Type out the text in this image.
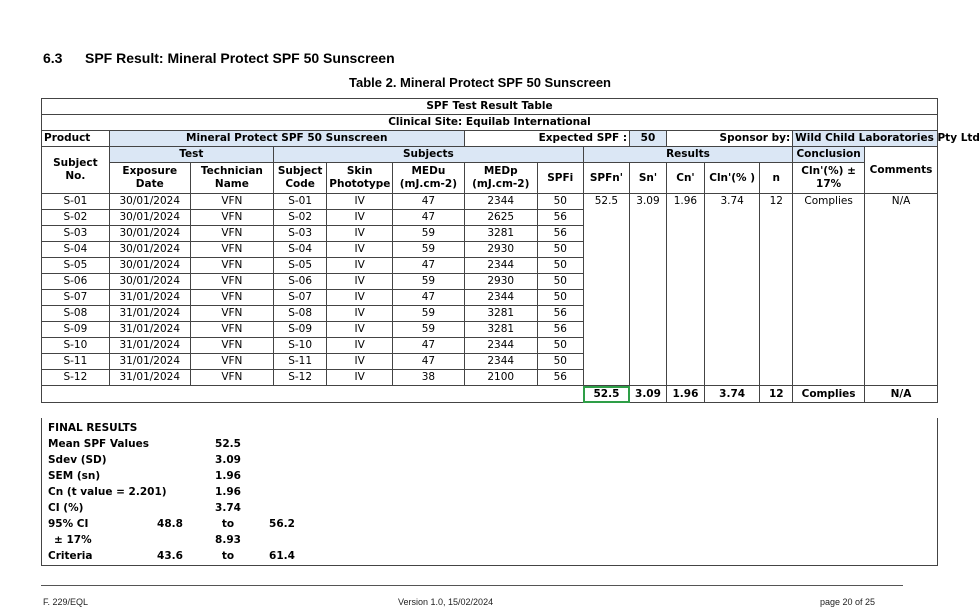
6.3 SPF Result: Mineral Protect SPF 50 Sunscreen
Table 2. Mineral Protect SPF 50 Sunscreen
SPF Test Result Table														
Clinical Site: Equilab International														
Product	Mineral Protect SPF 50 Sunscreen					Expected SPF :			50	Sponsor by:			Wild Child Laboratories Pty Ltd	
Subject No.	Test		Subjects					Results					Conclusion	Comments
	Exposure Date	Technician Name	Subject Code	Skin Phototype	MEDu (mJ.cm-2)	MEDp (mJ.cm-2)	SPFi	SPFn'	Sn'	Cn'	Cln'(% )	n	Cln'(%) ± 17%	
S-01	30/01/2024	VFN	S-01	IV	47	2344	50	52.5	3.09	1.96	3.74	12	Complies	N/A
S-02	30/01/2024	VFN	S-02	IV	47	2625	56							
S-03	30/01/2024	VFN	S-03	IV	59	3281	56							
S-04	30/01/2024	VFN	S-04	IV	59	2930	50							
S-05	30/01/2024	VFN	S-05	IV	47	2344	50							
S-06	30/01/2024	VFN	S-06	IV	59	2930	50							
S-07	31/01/2024	VFN	S-07	IV	47	2344	50							
S-08	31/01/2024	VFN	S-08	IV	59	3281	56							
S-09	31/01/2024	VFN	S-09	IV	59	3281	56							
S-10	31/01/2024	VFN	S-10	IV	47	2344	50							
S-11	31/01/2024	VFN	S-11	IV	47	2344	50							
S-12	31/01/2024	VFN	S-12	IV	38	2100	56							
								52.5	3.09	1.96	3.74	12	Complies	N/A
FINAL RESULTS
Mean SPF Values	52.5
Sdev (SD)	3.09
SEM (sn)	1.96
Cn (t value = 2.201)	1.96
CI (%)	3.74
95% CI	48.8	to	56.2
± 17%	8.93
Criteria	43.6	to	61.4
F. 229/EQL	Version 1.0, 15/02/2024	page 20 of 25
